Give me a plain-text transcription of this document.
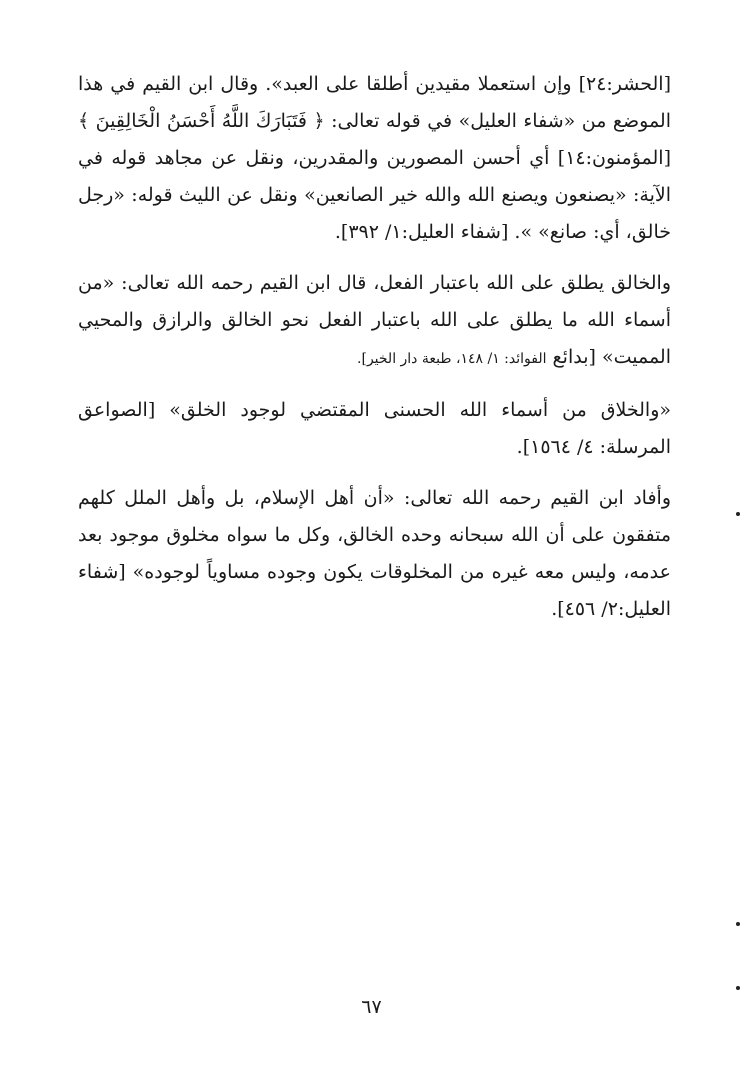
[الحشر:٢٤] وإن استعملا مقيدين أطلقا على العبد». وقال ابن القيم في هذا الموضع من «شفاء العليل» في قوله تعالى: ﴿ فَتَبَارَكَ اللَّهُ أَحْسَنُ الْخَالِقِينَ ﴾ [المؤمنون:١٤] أي أحسن المصورين والمقدرين، ونقل عن مجاهد قوله في الآية: «يصنعون ويصنع الله والله خير الصانعين» ونقل عن الليث قوله: «رجل خالق، أي: صانع» ». [شفاء العليل:١/ ٣٩٢].

والخالق يطلق على الله باعتبار الفعل، قال ابن القيم رحمه الله تعالى: «من أسماء الله ما يطلق على الله باعتبار الفعل نحو الخالق والرازق والمحيي المميت» [بدائع الفوائد: ١/ ١٤٨، طبعة دار الخير].

«والخلاق من أسماء الله الحسنى المقتضي لوجود الخلق» [الصواعق المرسلة: ٤/ ١٥٦٤].

وأفاد ابن القيم رحمه الله تعالى: «أن أهل الإسلام، بل وأهل الملل كلهم متفقون على أن الله سبحانه وحده الخالق، وكل ما سواه مخلوق موجود بعد عدمه، وليس معه غيره من المخلوقات يكون وجوده مساوياً لوجوده» [شفاء العليل:٢/ ٤٥٦].

٦٧
